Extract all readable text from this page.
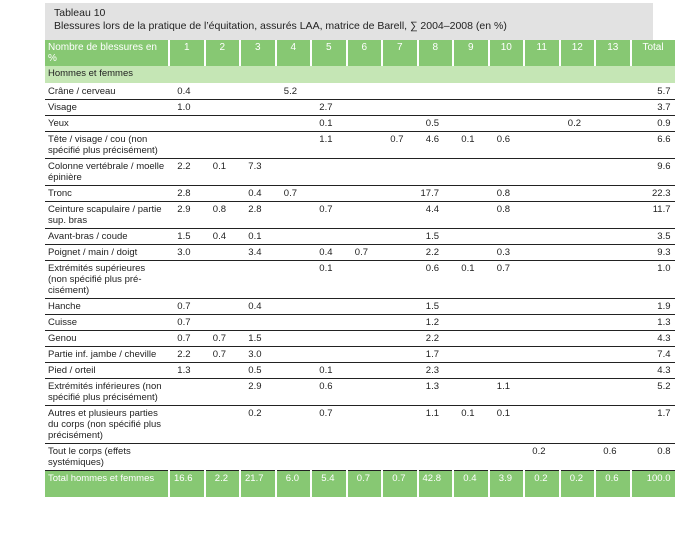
Tableau 10
Blessures lors de la pratique de l’équitation, assurés LAA, matrice de Barell, ∑ 2004–2008 (en %)
Nombre de blessures en %	1	2	3	4	5	6	7	8	9	10	11	12	13	Total
Hommes et femmes														
Crâne / cerveau	0.4			5.2										5.7
Visage	1.0				2.7									3.7
Yeux					0.1			0.5				0.2		0.9
Tête / visage / cou (non spécifié plus précisément)					1.1		0.7	4.6	0.1	0.6				6.6
Colonne vertébrale / moelle épinière	2.2	0.1	7.3											9.6
Tronc	2.8		0.4	0.7				17.7		0.8				22.3
Ceinture scapulaire / partie sup. bras	2.9	0.8	2.8		0.7			4.4		0.8				11.7
Avant-bras / coude	1.5	0.4	0.1					1.5						3.5
Poignet / main / doigt	3.0		3.4		0.4	0.7		2.2		0.3				9.3
Extrémités supérieures (non spécifié plus précisément)					0.1			0.6	0.1	0.7				1.0
Hanche	0.7		0.4					1.5						1.9
Cuisse	0.7							1.2						1.3
Genou	0.7	0.7	1.5					2.2						4.3
Partie inf. jambe / cheville	2.2	0.7	3.0					1.7						7.4
Pied / orteil	1.3		0.5		0.1			2.3						4.3
Extrémités inférieures (non spécifié plus précisément)			2.9		0.6			1.3		1.1				5.2
Autres et plusieurs parties du corps (non spécifié plus précisément)			0.2		0.7			1.1	0.1	0.1				1.7
Tout le corps (effets systémiques)											0.2		0.6	0.8
Total hommes et femmes	16.6	2.2	21.7	6.0	5.4	0.7	0.7	42.8	0.4	3.9	0.2	0.2	0.6	100.0
